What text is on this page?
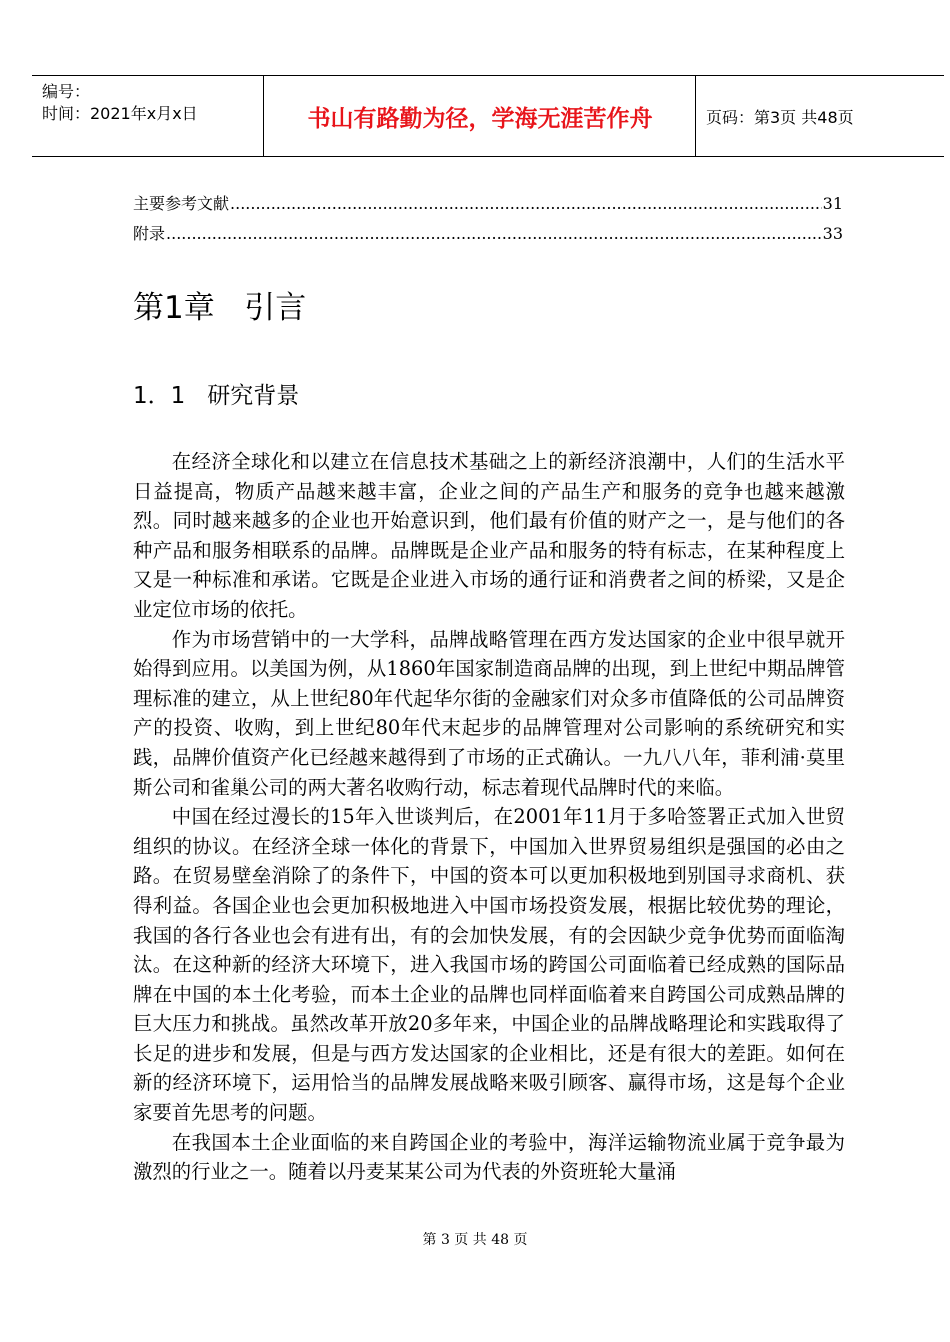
编号：
时间：2021年x月x日	书山有路勤为径，学海无涯苦作舟	页码：第3页 共48页
主要参考文献 .....	31
附录 .....	33
第1章   引言
1．1   研究背景

在经济全球化和以建立在信息技术基础之上的新经济浪潮中，人们的生活水平日益提高，物质产品越来越丰富，企业之间的产品生产和服务的竞争也越来越激烈。同时越来越多的企业也开始意识到，他们最有价值的财产之一，是与他们的各种产品和服务相联系的品牌。品牌既是企业产品和服务的特有标志，在某种程度上又是一种标准和承诺。它既是企业进入市场的通行证和消费者之间的桥梁，又是企业定位市场的依托。

作为市场营销中的一大学科，品牌战略管理在西方发达国家的企业中很早就开始得到应用。以美国为例，从1860年国家制造商品牌的出现，到上世纪中期品牌管理标准的建立，从上世纪80年代起华尔街的金融家们对众多市值降低的公司品牌资产的投资、收购，到上世纪80年代末起步的品牌管理对公司影响的系统研究和实践，品牌价值资产化已经越来越得到了市场的正式确认。一九八八年，菲利浦·莫里斯公司和雀巢公司的两大著名收购行动，标志着现代品牌时代的来临。

中国在经过漫长的15年入世谈判后，在2001年11月于多哈签署正式加入世贸组织的协议。在经济全球一体化的背景下，中国加入世界贸易组织是强国的必由之路。在贸易壁垒消除了的条件下，中国的资本可以更加积极地到别国寻求商机、获得利益。各国企业也会更加积极地进入中国市场投资发展，根据比较优势的理论，我国的各行各业也会有进有出，有的会加快发展，有的会因缺少竞争优势而面临淘汰。在这种新的经济大环境下，进入我国市场的跨国公司面临着已经成熟的国际品牌在中国的本土化考验，而本土企业的品牌也同样面临着来自跨国公司成熟品牌的巨大压力和挑战。虽然改革开放20多年来，中国企业的品牌战略理论和实践取得了长足的进步和发展，但是与西方发达国家的企业相比，还是有很大的差距。如何在新的经济环境下，运用恰当的品牌发展战略来吸引顾客、赢得市场，这是每个企业家要首先思考的问题。

在我国本土企业面临的来自跨国企业的考验中，海洋运输物流业属于竞争最为激烈的行业之一。随着以丹麦某某公司为代表的外资班轮大量涌

第 3 页 共 48 页
